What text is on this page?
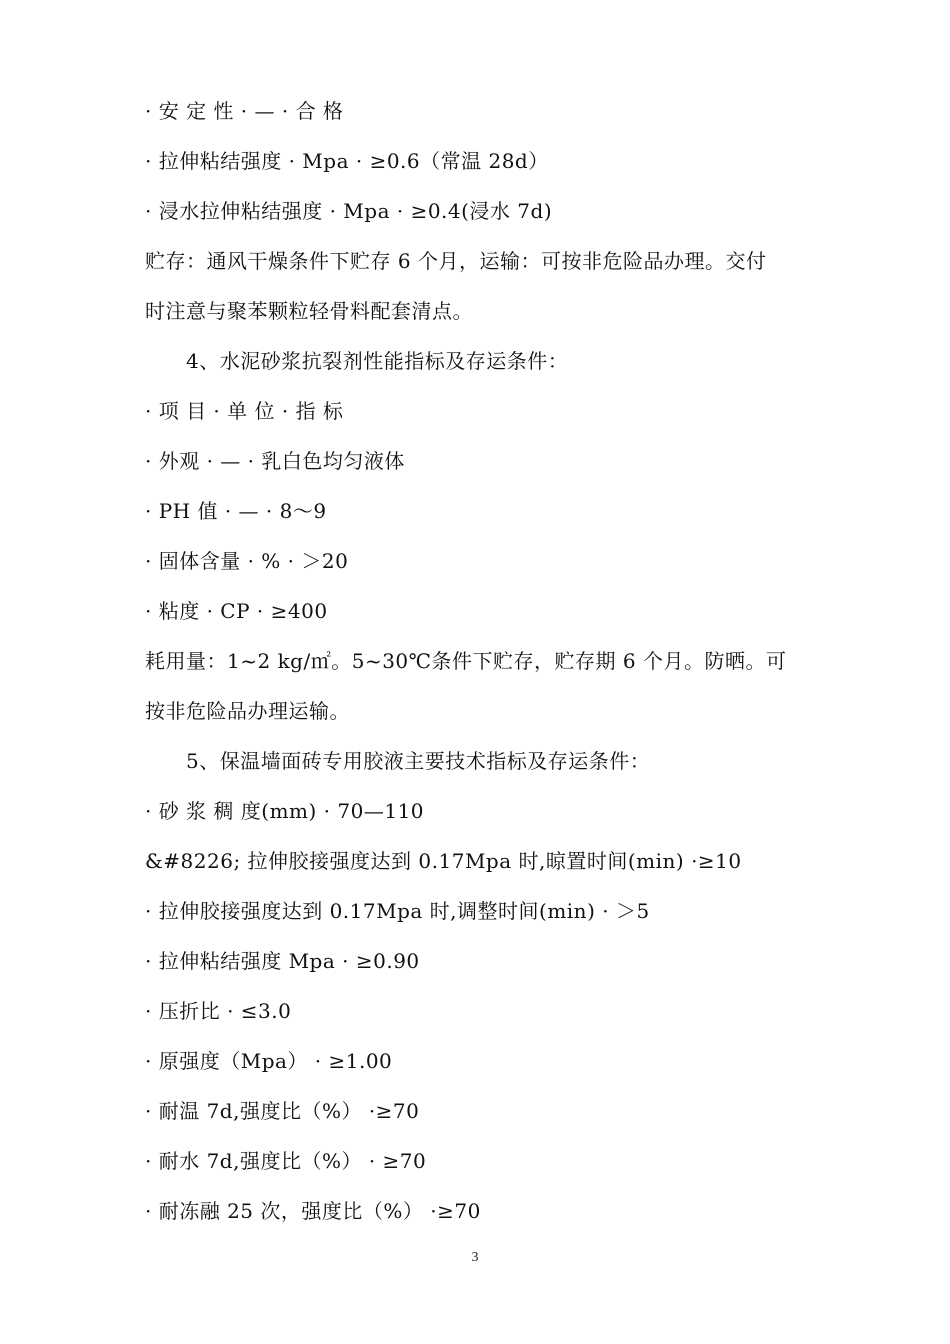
· 安 定 性 · — · 合 格
· 拉伸粘结强度 · Mpa · ≥0.6（常温 28d）
· 浸水拉伸粘结强度 · Mpa · ≥0.4(浸水 7d)
贮存：通风干燥条件下贮存 6 个月，运输：可按非危险品办理。交付
时注意与聚苯颗粒轻骨料配套清点。
4、水泥砂浆抗裂剂性能指标及存运条件：
· 项 目 · 单 位 · 指 标
· 外观 · — · 乳白色均匀液体
· PH 值 · — · 8～9
· 固体含量 · % · ＞20
· 粘度 · CP · ≥400
耗用量：1~2 kg/㎡。5~30℃条件下贮存，贮存期 6 个月。防晒。可
按非危险品办理运输。
5、保温墙面砖专用胶液主要技术指标及存运条件：
· 砂 浆 稠 度(mm) · 70—110
&#8226; 拉伸胶接强度达到 0.17Mpa 时,晾置时间(min) ·≥10
· 拉伸胶接强度达到 0.17Mpa 时,调整时间(min) · ＞5
· 拉伸粘结强度 Mpa · ≥0.90
· 压折比 · ≤3.0
· 原强度（Mpa） · ≥1.00
· 耐温 7d,强度比（%） ·≥70
· 耐水 7d,强度比（%） · ≥70
· 耐冻融 25 次，强度比（%） ·≥70
3
